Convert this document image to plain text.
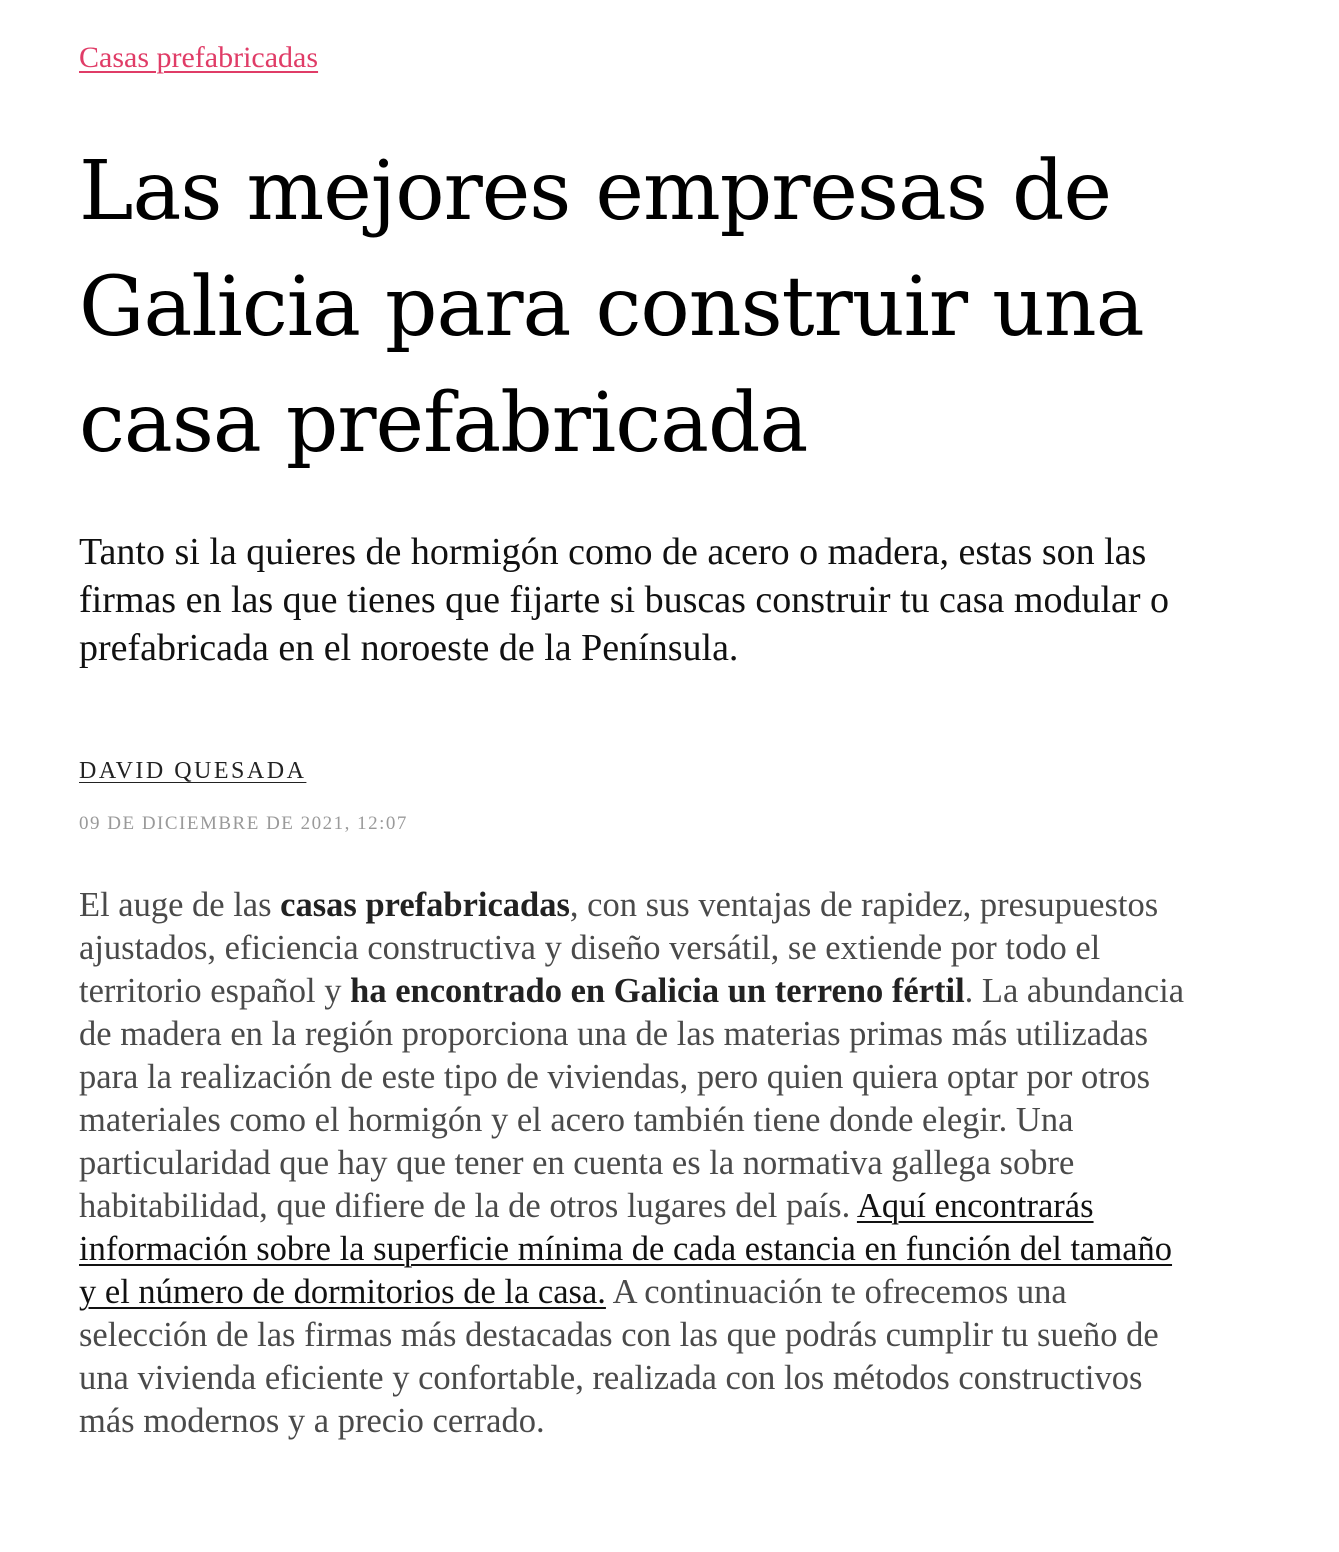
Casas prefabricadas
Las mejores empresas de
Galicia para construir una
casa prefabricada

Tanto si la quieres de hormigón como de acero o madera, estas son las
firmas en las que tienes que fijarte si buscas construir tu casa modular o
prefabricada en el noroeste de la Península.

DAVID QUESADA
09 DE DICIEMBRE DE 2021, 12:07

El auge de las casas prefabricadas, con sus ventajas de rapidez, presupuestos
ajustados, eficiencia constructiva y diseño versátil, se extiende por todo el
territorio español y ha encontrado en Galicia un terreno fértil. La abundancia
de madera en la región proporciona una de las materias primas más utilizadas
para la realización de este tipo de viviendas, pero quien quiera optar por otros
materiales como el hormigón y el acero también tiene donde elegir. Una
particularidad que hay que tener en cuenta es la normativa gallega sobre
habitabilidad, que difiere de la de otros lugares del país. Aquí encontrarás
información sobre la superficie mínima de cada estancia en función del tamaño
y el número de dormitorios de la casa. A continuación te ofrecemos una
selección de las firmas más destacadas con las que podrás cumplir tu sueño de
una vivienda eficiente y confortable, realizada con los métodos constructivos
más modernos y a precio cerrado.
